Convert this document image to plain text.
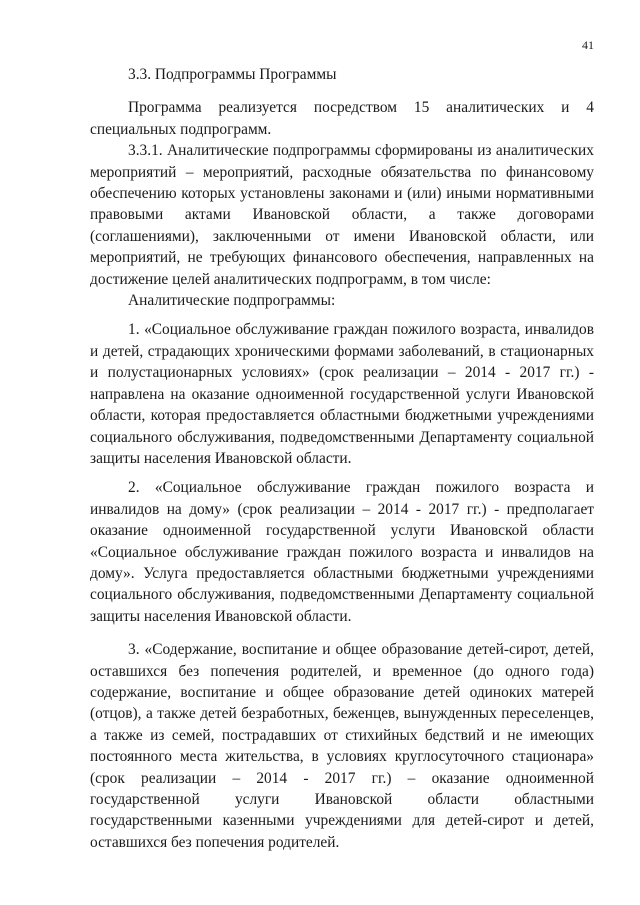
41

3.3. Подпрограммы Программы

Программа реализуется посредством 15 аналитических и 4 специальных подпрограмм.

3.3.1. Аналитические подпрограммы сформированы из аналитических мероприятий – мероприятий, расходные обязательства по финансовому обеспечению которых установлены законами и (или) иными нормативными правовыми актами Ивановской области, а также договорами (соглашениями), заключенными от имени Ивановской области, или мероприятий, не требующих финансового обеспечения, направленных на достижение целей аналитических подпрограмм, в том числе:

Аналитические подпрограммы:

1. «Социальное обслуживание граждан пожилого возраста, инвалидов и детей, страдающих хроническими формами заболеваний, в стационарных и полустационарных условиях» (срок реализации – 2014 - 2017 гг.) - направлена на оказание одноименной государственной услуги Ивановской области, которая предоставляется областными бюджетными учреждениями социального обслуживания, подведомственными Департаменту социальной защиты населения Ивановской области.

2. «Социальное обслуживание граждан пожилого возраста и инвалидов на дому» (срок реализации – 2014 - 2017 гг.) - предполагает оказание одноименной государственной услуги Ивановской области «Социальное обслуживание граждан пожилого возраста и инвалидов на дому». Услуга предоставляется областными бюджетными учреждениями социального обслуживания, подведомственными Департаменту социальной защиты населения Ивановской области.

3. «Содержание, воспитание и общее образование детей-сирот, детей, оставшихся без попечения родителей, и временное (до одного года) содержание, воспитание и общее образование детей одиноких матерей (отцов), а также детей безработных, беженцев, вынужденных переселенцев, а также из семей, пострадавших от стихийных бедствий и не имеющих постоянного места жительства, в условиях круглосуточного стационара» (срок реализации – 2014 - 2017 гг.) – оказание одноименной государственной услуги Ивановской области областными государственными казенными учреждениями для детей-сирот и детей, оставшихся без попечения родителей.
